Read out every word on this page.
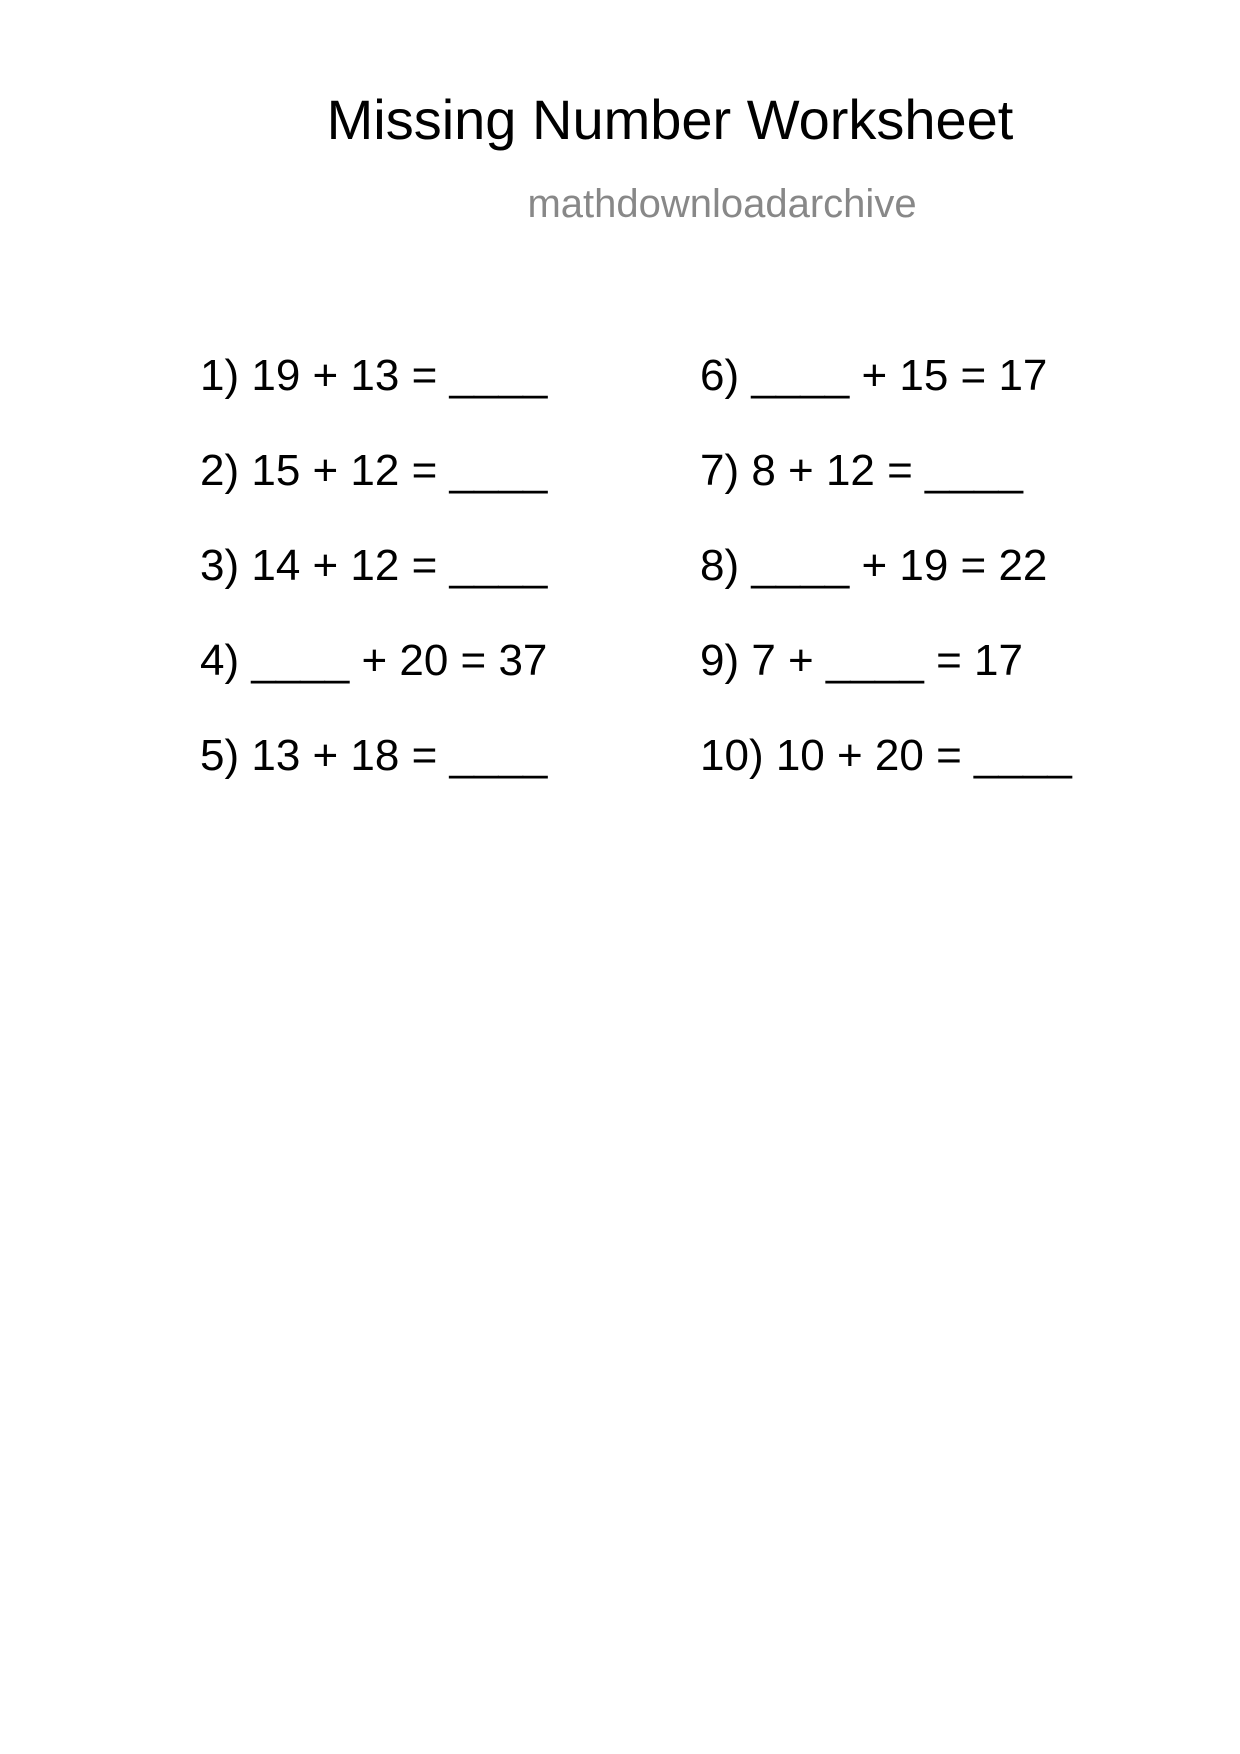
Missing Number Worksheet
mathdownloadarchive
1) 19 + 13 = ____
2) 15 + 12 = ____
3) 14 + 12 = ____
4) ____ + 20 = 37
5) 13 + 18 = ____
6) ____ + 15 = 17
7) 8 + 12 = ____
8) ____ + 19 = 22
9) 7 + ____ = 17
10) 10 + 20 = ____
